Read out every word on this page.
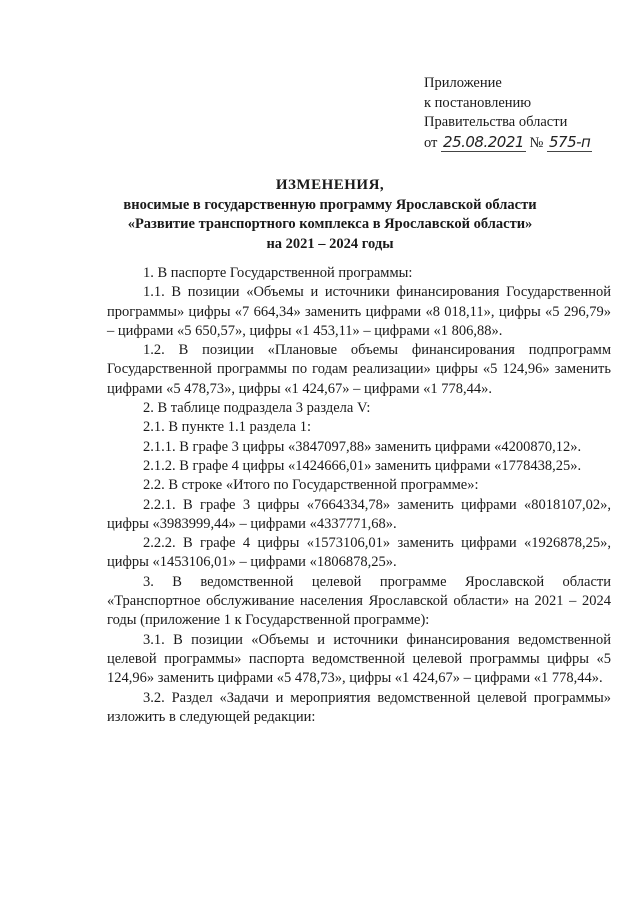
Приложение
к постановлению
Правительства области
от 25.08.2021 № 575-п
ИЗМЕНЕНИЯ,
вносимые в государственную программу Ярославской области
«Развитие транспортного комплекса в Ярославской области»
на 2021 – 2024 годы

1. В паспорте Государственной программы:

1.1. В позиции «Объемы и источники финансирования Государственной программы» цифры «7 664,34» заменить цифрами «8 018,11», цифры «5 296,79» – цифрами «5 650,57», цифры «1 453,11» – цифрами «1 806,88».

1.2. В позиции «Плановые объемы финансирования подпрограмм Государственной программы по годам реализации» цифры «5 124,96» заменить цифрами «5 478,73», цифры «1 424,67» – цифрами «1 778,44».

2. В таблице подраздела 3 раздела V:

2.1. В пункте 1.1 раздела 1:

2.1.1. В графе 3 цифры «3847097,88» заменить цифрами «4200870,12».

2.1.2. В графе 4 цифры «1424666,01» заменить цифрами «1778438,25».

2.2. В строке «Итого по Государственной программе»:

2.2.1. В графе 3 цифры «7664334,78» заменить цифрами «8018107,02», цифры «3983999,44» – цифрами «4337771,68».

2.2.2. В графе 4 цифры «1573106,01» заменить цифрами «1926878,25», цифры «1453106,01» – цифрами «1806878,25».

3. В ведомственной целевой программе Ярославской области «Транспортное обслуживание населения Ярославской области» на 2021 – 2024 годы (приложение 1 к Государственной программе):

3.1. В позиции «Объемы и источники финансирования ведомственной целевой программы» паспорта ведомственной целевой программы цифры «5 124,96» заменить цифрами «5 478,73», цифры «1 424,67» – цифрами «1 778,44».

3.2. Раздел «Задачи и мероприятия ведомственной целевой программы» изложить в следующей редакции:
